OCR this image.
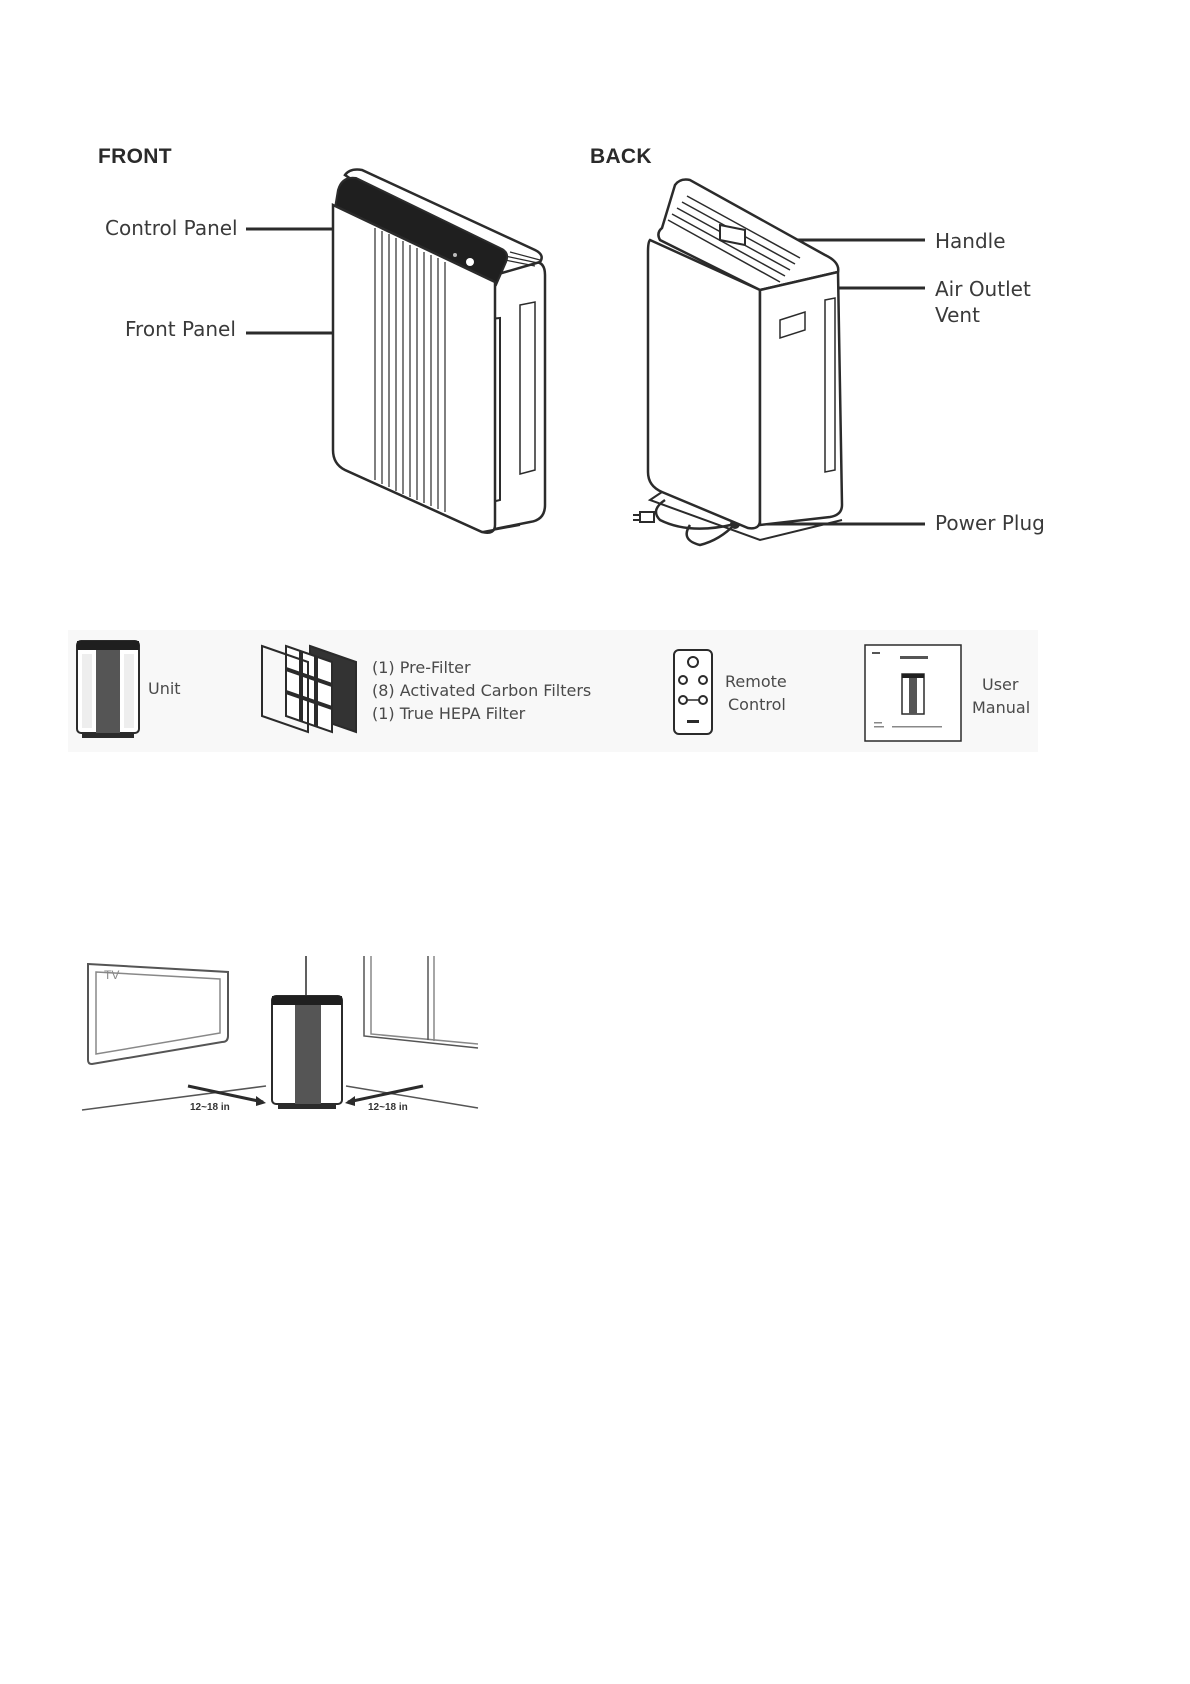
FRONT
Control Panel
Front Panel
BACK
Handle
Air Outlet
Vent
Power Plug
Unit
(1) Pre-Filter
(8) Activated Carbon Filters
(1) True HEPA Filter
Remote
Control
User
Manual
TV
12~18 in	12~18 in
